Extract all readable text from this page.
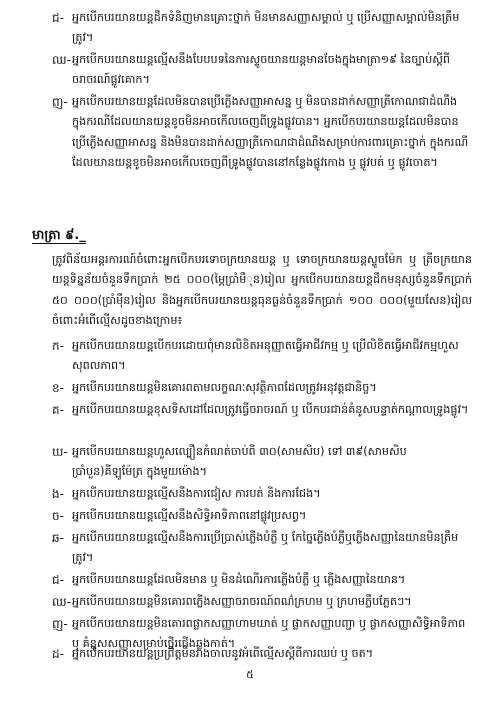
ជ- អ្នកបើកបរយានយន្តដឹកទំនិញមានគ្រោះថ្នាក់ មិនមានសញ្ញាសម្គាល់ ឬ ប្រើសញ្ញាសម្គាល់មិនត្រឹមត្រូវ។
ឈ- អ្នកបើកបរយានយន្តល្មើសនឹងបែបបទនៃការស្ទូចយានយន្តមានចែងក្នុងមាត្រា១៩ នៃច្បាប់ស្តីពីចរាចរណ៍ផ្លូវគោក។
ញ- អ្នកបើកបរយានយន្តដែលមិនបានប្រើភ្លើងសញ្ញាអាសន្ន ឬ មិនបានដាក់សញ្ញាត្រីកោណជាដំណឹង ក្នុងករណីដែលយានយន្តខូចមិនអាចកើលចេញពីទ្រូងផ្លូវបាន។ អ្នកបើកបរយានយន្តដែលមិនបានប្រើភ្លើងសញ្ញាអាសន្ន និងមិនបានដាក់សញ្ញាត្រីកោណជាដំណឹងសម្រាប់ការពារគ្រោះថ្នាក់ ក្នុងករណីដែលយានយន្តខូចមិនអាចកើលចេញពីទ្រូងផ្លូវបាននៅកន្លែងផ្លូវកោង ឬ ផ្លូវបត់ ឬ ផ្លូវចោត។
មាត្រា ៩._
ត្រូវពិន័យអន្តរការណ៍ចំពោះអ្នកបើកបរទោចក្រយានយន្ត ឬ ទោចក្រយានយន្តស្ទូចម៉ែក ឬ ត្រីចក្រយានយន្តទិន្នន័យចំនួនទឹកប្រាក់ ២៥ ០០០(ម្ភៃប្រាំមឺុន)រៀល អ្នកបើកបរយានយន្តដឹកមនុស្សចំនួនទឹកប្រាក់ ៥០ ០០០(ប្រាំម៉ឺន)រៀល និងអ្នកបើកបរយានយន្តធុនធ្ងន់ចំនួនទឹកប្រាក់ ១០០ ០០០(មួយសែន)រៀល ចំពោះអំពើល្មើសដូចខាងក្រោម៖
ក- អ្នកបើកបរយានយន្តបើកបរដោយពុំមានលិខិតអនុញ្ញាតធ្វើអាជីវកម្ម ឬ ប្រើលិខិតធ្វើអាជីវកម្មហួសសុពលភាព។
ខ- អ្នកបើកបរយានយន្តមិនគោរពតាមលក្ខណៈសុវត្ថិភាពដែលត្រូវអនុវត្តជានិច្ច។
គ- អ្នកបើកបរយានយន្តខុសទិសដៅដែលត្រូវធ្វើចរាចរណ៍ ឬ បើកបរជាន់គំនូសបន្ទាត់កណ្តាលទ្រូងផ្លូវ។
ឃ- អ្នកបើកបរយានយន្តហួសល្បឿនកំណត់ចាប់ពី ៣០(សាមសិប) ទៅ ៣៩(សាមសិបប្រាំបួន)គីឡូម៉ែត្រ ក្នុងមួយម៉ោង។
ង- អ្នកបើកបរយានយន្តល្មើសនឹងការជៀស ការបត់ និងការជែង។
ច- អ្នកបើកបរយានយន្តល្មើសនឹងសិទ្ធិអាទិភាពនៅផ្លូវប្រសព្វ។
ឆ- អ្នកបើកបរយានយន្តល្មើសនឹងការប្រើប្រាស់ភ្លើងបំភ្លឺ ឬ កែច្នៃភ្លើងបំភ្លឺឬភ្លើងសញ្ញានៃយានមិនត្រឹមត្រូវ។
ជ- អ្នកបើកបរយានយន្តដែលមិនមាន ឬ មិនដំណើរការភ្លើងបំភ្លឺ ឬ ភ្លើងសញ្ញានៃយាន។
ឈ- អ្នកបើកបរយានយន្តមិនគោរពភ្លើងសញ្ញាចរាចរណ៍ពណ៌ក្រហម ឬ ក្រហមភ្លឹបភ្លែតៗ។
ញ- អ្នកបើកបរយានយន្តមិនគោរពផ្លាកសញ្ញាហាមឃាត់ ឬ ផ្លាកសញ្ញាបញ្ជា ឬ ផ្លាកសញ្ញាសិទ្ធិអាទិភាព ឬ គំនូសសញ្ញាសម្រាប់ថ្មើរជើងឆ្លងកាត់។
ដ- អ្នកបើកបរយានយន្តប្រព្រឹត្តមិនរាងចាលនូវអំពើល្មើសស្តីពីការឈប់ ឬ ចត។
៥
